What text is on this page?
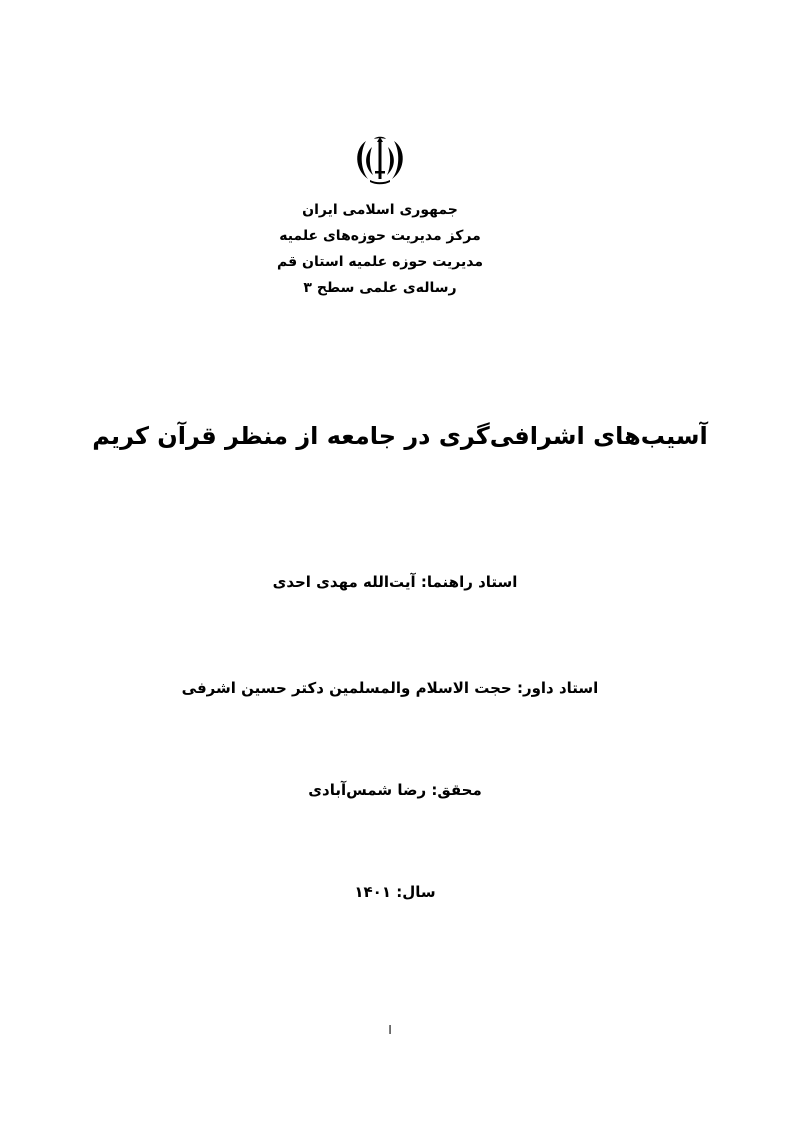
جمهوری اسلامی ایران
مرکز مدیریت حوزه‌های علمیه
مدیریت حوزه علمیه استان قم
رساله‌ی علمی سطح ۳
آسیب‌های اشرافی‌گری در جامعه از منظر قرآن کریم
استاد راهنما: آیت‌الله مهدی احدی
استاد داور: حجت الاسلام والمسلمین دکتر حسین اشرفی
محقق: رضا شمس‌آبادی
سال: ۱۴۰۱
ا
